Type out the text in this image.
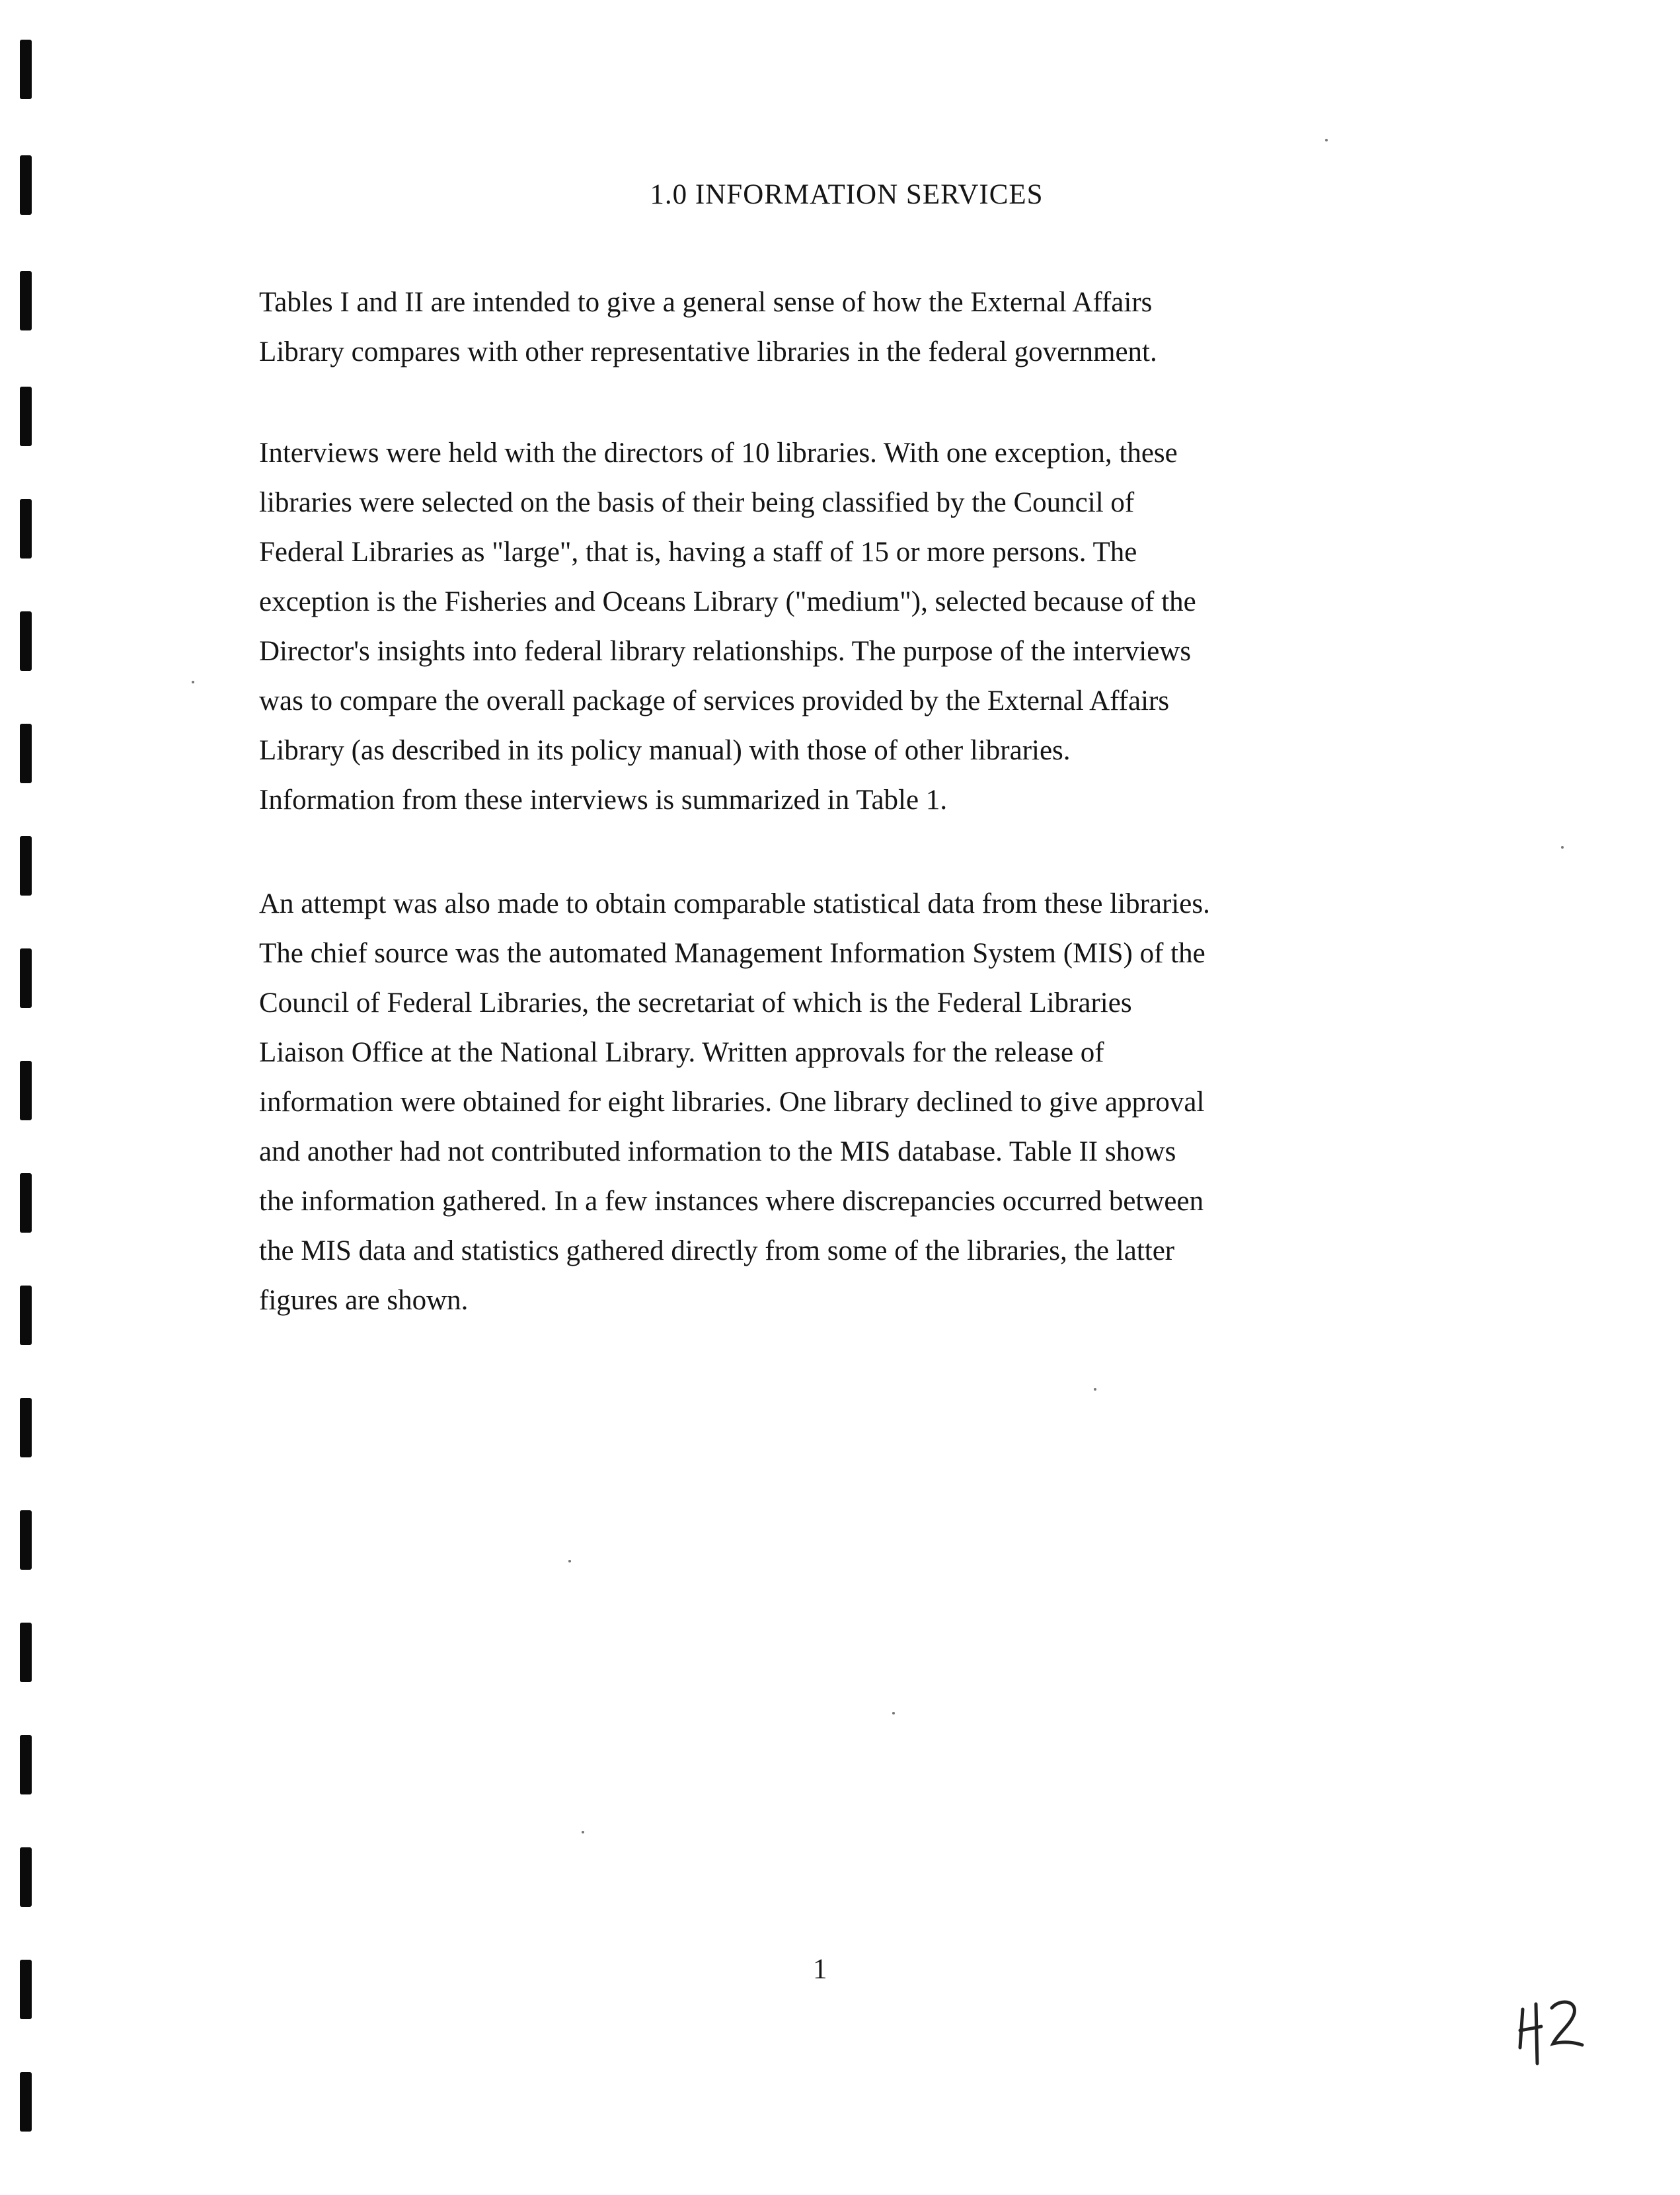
1.0 INFORMATION SERVICES

Tables I and II are intended to give a general sense of how the External Affairs
Library compares with other representative libraries in the federal government.

Interviews were held with the directors of 10 libraries. With one exception, these
libraries were selected on the basis of their being classified by the Council of
Federal Libraries as "large", that is, having a staff of 15 or more persons. The
exception is the Fisheries and Oceans Library ("medium"), selected because of the
Director's insights into federal library relationships. The purpose of the interviews
was to compare the overall package of services provided by the External Affairs
Library (as described in its policy manual) with those of other libraries.
Information from these interviews is summarized in Table 1.

An attempt was also made to obtain comparable statistical data from these libraries.
The chief source was the automated Management Information System (MIS) of the
Council of Federal Libraries, the secretariat of which is the Federal Libraries
Liaison Office at the National Library. Written approvals for the release of
information were obtained for eight libraries. One library declined to give approval
and another had not contributed information to the MIS database. Table II shows
the information gathered. In a few instances where discrepancies occurred between
the MIS data and statistics gathered directly from some of the libraries, the latter
figures are shown.

1
